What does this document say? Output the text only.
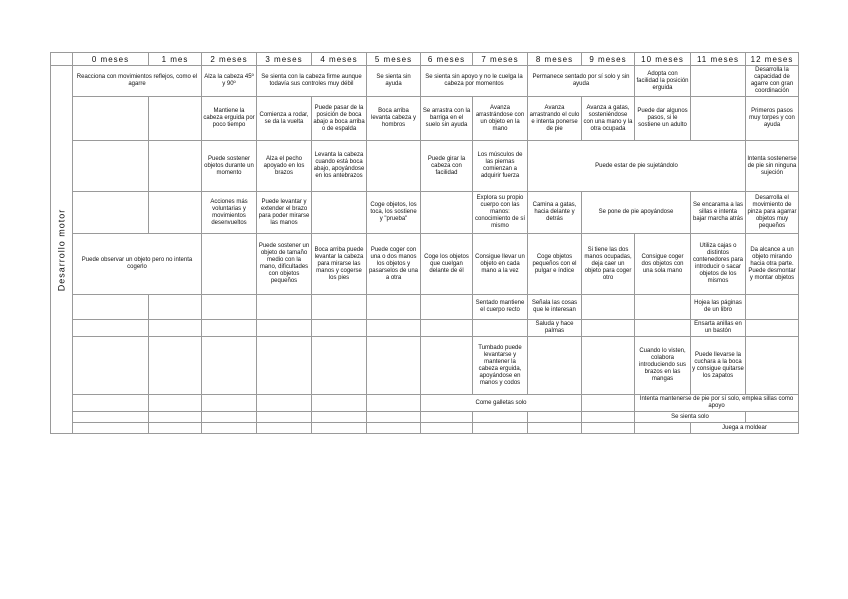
	0 meses	1 mes	2 meses	3 meses	4 meses	5 meses	6 meses	7 meses	8 meses	9 meses	10 meses	11 meses	12 meses

Desarrollo motor	Reacciona con movimientos reflejos, como el agarre		Alza la cabeza 45º y 90º	Se sienta con la cabeza firme aunque todavía sus controles muy débil		Se sienta sin ayuda	Se sienta sin apoyo y no le cuelga la cabeza por momentos		Permanece sentado por sí solo y sin ayuda		Adopta con facilidad la posición erguida		Desarrolla la capacidad de agarre con gran coordinación
			Mantiene la cabeza erguida por poco tiempo	Comienza a rodar, se da la vuelta	Puede pasar de la posición de boca abajo a boca arriba o de espalda	Boca arriba levanta cabeza y hombros	Se arrastra con la barriga en el suelo sin ayuda	Avanza arrastrándose con un objeto en la mano	Avanza arrastrando el culo e intenta ponerse de pie	Avanza a gatas, sosteniéndose con una mano y la otra ocupada	Puede dar algunos pasos, si le sostiene un adulto		Primeros pasos muy torpes y con ayuda
			Puede sostener objetos durante un momento	Alza el pecho apoyado en los brazos	Levanta la cabeza cuando está boca abajo, apoyándose en los antebrazos		Puede girar la cabeza con facilidad	Los músculos de las piernas comienzan a adquirir fuerza	Puede estar de pie sujetándolo				Intenta sostenerse de pie sin ninguna sujeción
			Acciones más voluntarias y movimientos desenvueltos	Puede levantar y extender el brazo para poder mirarse las manos		Coge objetos, los toca, los sostiene y "prueba"		Explora su propio cuerpo con las manos: conocimiento de sí mismo	Camina a gatas, hacia delante y detrás	Se pone de pie apoyándose		Se encarama a las sillas e intenta bajar marcha atrás	Desarrolla el movimiento de pinza para agarrar objetos muy pequeños
	Puede observar un objeto pero no intenta cogerlo			Puede sostener un objeto de tamaño medio con la mano, dificultades con objetos pequeños	Boca arriba puede levantar la cabeza para mirarse las manos y cogerse los pies	Puede coger con una o dos manos los objetos y pasarselos de una a otra	Coge los objetos que cuelgan delante de él	Consigue llevar un objeto en cada mano a la vez	Coge objetos pequeños con el pulgar e índice	Si tiene las dos manos ocupadas, deja caer un objeto para coger otro	Consigue coger dos objetos con una sola mano	Utiliza cajas o distintos contenedores para introducir o sacar objetos de los mismos	Da alcance a un objeto mirando hacia otra parte. Puede desmontar y montar objetos
								Sentado mantiene el cuerpo recto	Señala las cosas que le interesan			Hojea las páginas de un libro	
									Saluda y hace palmas			Ensarta anillas en un bastón	
								Tumbado puede levantarse y mantener la cabeza erguida, apoyándose en manos y codos			Cuando lo visten, colabora introduciendo sus brazos en las mangas	Puede llevarse la cuchara a la boca y consigue quitarse los zapatos	
							Come galletas solo				Intenta mantenerse de pie por sí solo, emplea sillas como apoyo		
											Se sienta solo		
												Juega a moldear	
